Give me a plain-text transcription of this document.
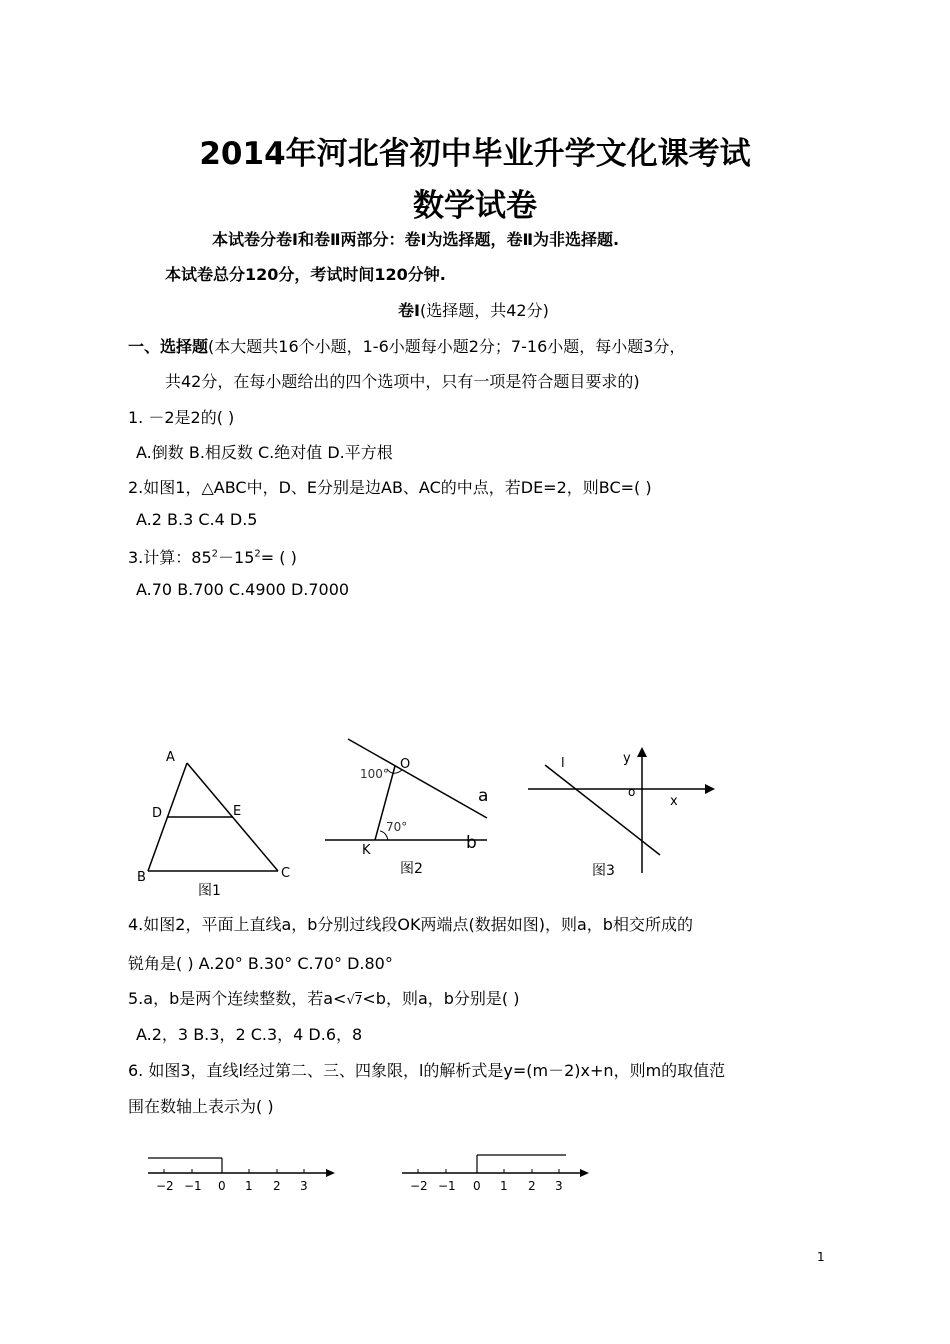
2014年河北省初中毕业升学文化课考试
数学试卷
本试卷分卷Ⅰ和卷Ⅱ两部分：卷Ⅰ为选择题，卷Ⅱ为非选择题.
本试卷总分120分，考试时间120分钟.
卷Ⅰ(选择题，共42分)
一、选择题(本大题共16个小题，1-6小题每小题2分；7-16小题，每小题3分，
共42分，在每小题给出的四个选项中，只有一项是符合题目要求的)
1. －2是2的( )
A.倒数 B.相反数 C.绝对值 D.平方根
2.如图1，△ABC中，D、E分别是边AB、AC的中点，若DE=2，则BC=( )
A.2 B.3 C.4 D.5
3.计算：$85^2-15^2=$ ( )
A.70 B.700 C.4900 D.7000
A
D	E
B	C
图1
O
100°
70°
K
a
b
图2
l	y
x
o
图3
4.如图2，平面上直线a，b分别过线段OK两端点(数据如图)，则a，b相交所成的
锐角是( ) A.20° B.30° C.70° D.80°
5.a，b是两个连续整数，若a<√7<b，则a，b分别是( )
A.2，3 B.3，2 C.3，4 D.6，8
6. 如图3，直线l经过第二、三、四象限，l的解析式是y=(m－2)x+n，则m的取值范
围在数轴上表示为( )
−2 −1 0 1 2 3	−2 −1 0 1 2 3
1
